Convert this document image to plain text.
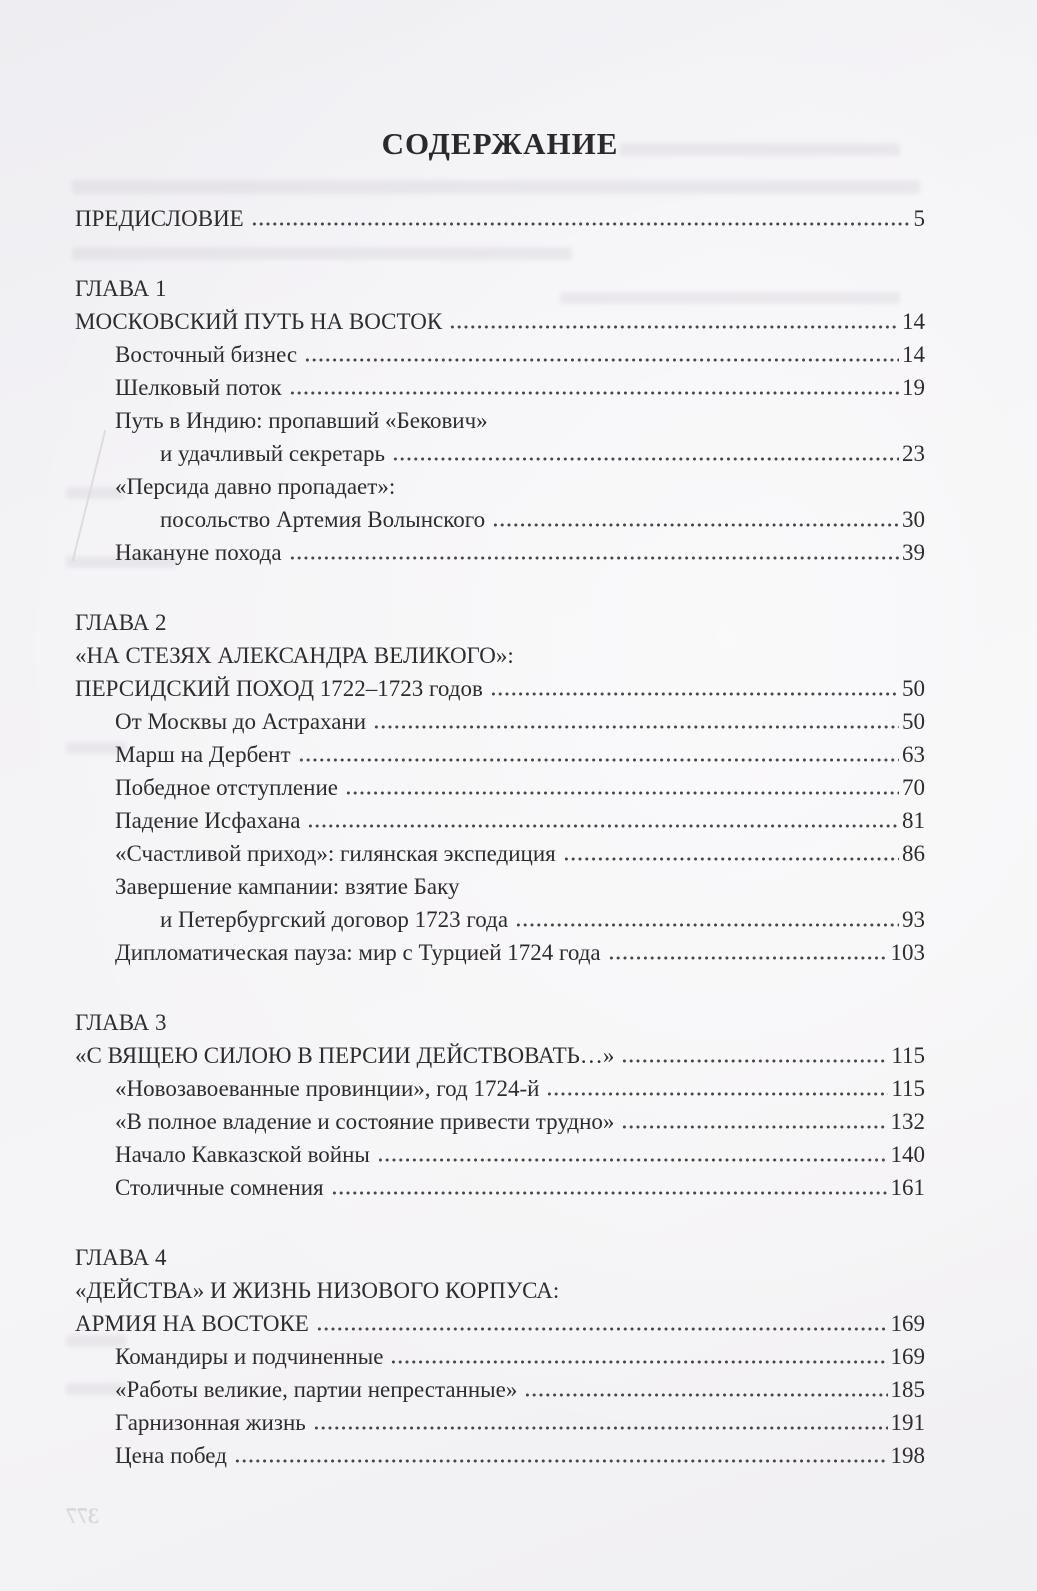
СОДЕРЖАНИЕ
ПРЕДИСЛОВИЕ	5
ГЛАВА 1
МОСКОВСКИЙ ПУТЬ НА ВОСТОК	14
Восточный бизнес	14
Шелковый поток	19
Путь в Индию: пропавший «Бекович»
и удачливый секретарь	23
«Персида давно пропадает»:
посольство Артемия Волынского	30
Накануне похода	39
ГЛАВА 2
«НА СТЕЗЯХ АЛЕКСАНДРА ВЕЛИКОГО»:
ПЕРСИДСКИЙ ПОХОД 1722–1723 годов	50
От Москвы до Астрахани	50
Марш на Дербент	63
Победное отступление	70
Падение Исфахана	81
«Счастливой приход»: гилянская экспедиция	86
Завершение кампании: взятие Баку
и Петербургский договор 1723 года	93
Дипломатическая пауза: мир с Турцией 1724 года	103
ГЛАВА 3
«С ВЯЩЕЮ СИЛОЮ В ПЕРСИИ ДЕЙСТВОВАТЬ…»	115
«Новозавоеванные провинции», год 1724-й	115
«В полное владение и состояние привести трудно»	132
Начало Кавказской войны	140
Столичные сомнения	161
ГЛАВА 4
«ДЕЙСТВА» И ЖИЗНЬ НИЗОВОГО КОРПУСА:
АРМИЯ НА ВОСТОКЕ	169
Командиры и подчиненные	169
«Работы великие, партии непрестанные»	185
Гарнизонная жизнь	191
Цена побед	198
377
